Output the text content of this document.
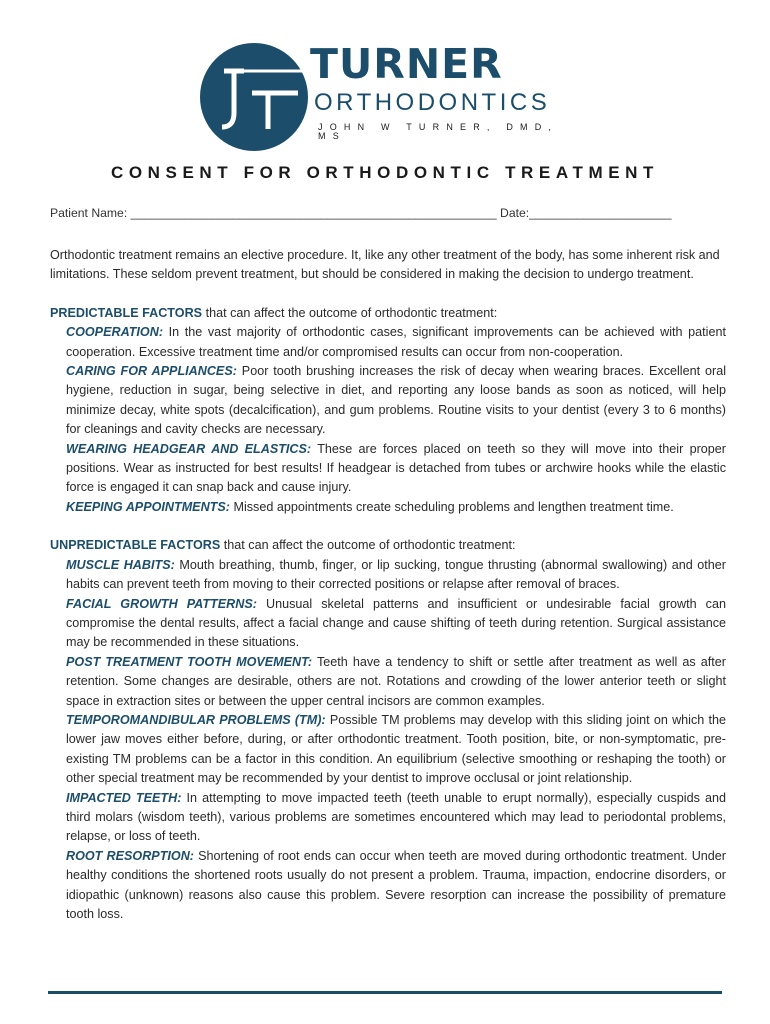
TURNER
ORTHODONTICS
JOHN W TURNER, DMD, MS
CONSENT FOR ORTHODONTIC TREATMENT
Patient Name: ______________________________________________________ Date:_____________________

Orthodontic treatment remains an elective procedure. It, like any other treatment of the body, has some inherent risk and limitations. These seldom prevent treatment, but should be considered in making the decision to undergo treatment.

PREDICTABLE FACTORS that can affect the outcome of orthodontic treatment:

COOPERATION: In the vast majority of orthodontic cases, significant improvements can be achieved with patient cooperation. Excessive treatment time and/or compromised results can occur from non-cooperation.

CARING FOR APPLIANCES: Poor tooth brushing increases the risk of decay when wearing braces. Excellent oral hygiene, reduction in sugar, being selective in diet, and reporting any loose bands as soon as noticed, will help minimize decay, white spots (decalcification), and gum problems. Routine visits to your dentist (every 3 to 6 months) for cleanings and cavity checks are necessary.

WEARING HEADGEAR AND ELASTICS: These are forces placed on teeth so they will move into their proper positions. Wear as instructed for best results! If headgear is detached from tubes or archwire hooks while the elastic force is engaged it can snap back and cause injury.

KEEPING APPOINTMENTS: Missed appointments create scheduling problems and lengthen treatment time.

UNPREDICTABLE FACTORS that can affect the outcome of orthodontic treatment:

MUSCLE HABITS: Mouth breathing, thumb, finger, or lip sucking, tongue thrusting (abnormal swallowing) and other habits can prevent teeth from moving to their corrected positions or relapse after removal of braces.

FACIAL GROWTH PATTERNS: Unusual skeletal patterns and insufficient or undesirable facial growth can compromise the dental results, affect a facial change and cause shifting of teeth during retention. Surgical assistance may be recommended in these situations.

POST TREATMENT TOOTH MOVEMENT: Teeth have a tendency to shift or settle after treatment as well as after retention. Some changes are desirable, others are not. Rotations and crowding of the lower anterior teeth or slight space in extraction sites or between the upper central incisors are common examples.

TEMPOROMANDIBULAR PROBLEMS (TM): Possible TM problems may develop with this sliding joint on which the lower jaw moves either before, during, or after orthodontic treatment. Tooth position, bite, or non-symptomatic, pre-existing TM problems can be a factor in this condition. An equilibrium (selective smoothing or reshaping the tooth) or other special treatment may be recommended by your dentist to improve occlusal or joint relationship.

IMPACTED TEETH: In attempting to move impacted teeth (teeth unable to erupt normally), especially cuspids and third molars (wisdom teeth), various problems are sometimes encountered which may lead to periodontal problems, relapse, or loss of teeth.

ROOT RESORPTION: Shortening of root ends can occur when teeth are moved during orthodontic treatment. Under healthy conditions the shortened roots usually do not present a problem. Trauma, impaction, endocrine disorders, or idiopathic (unknown) reasons also cause this problem. Severe resorption can increase the possibility of premature tooth loss.
